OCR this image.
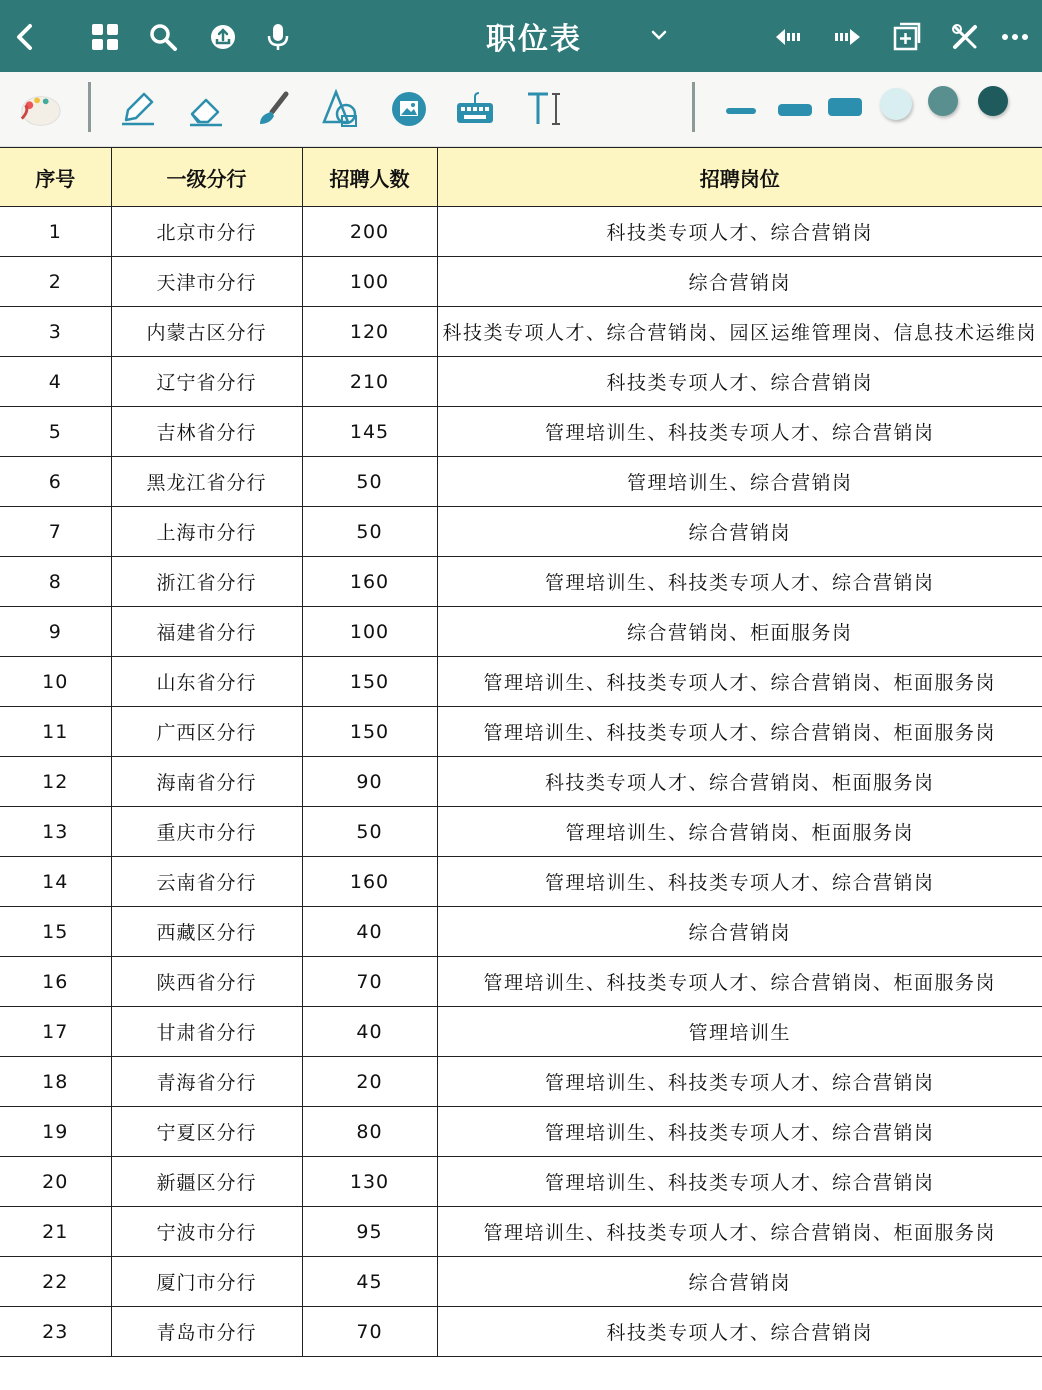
职位表
序号	一级分行	招聘人数	招聘岗位
1	北京市分行	200	科技类专项人才、综合营销岗
2	天津市分行	100	综合营销岗
3	内蒙古区分行	120	科技类专项人才、综合营销岗、园区运维管理岗、信息技术运维岗
4	辽宁省分行	210	科技类专项人才、综合营销岗
5	吉林省分行	145	管理培训生、科技类专项人才、综合营销岗
6	黑龙江省分行	50	管理培训生、综合营销岗
7	上海市分行	50	综合营销岗
8	浙江省分行	160	管理培训生、科技类专项人才、综合营销岗
9	福建省分行	100	综合营销岗、柜面服务岗
10	山东省分行	150	管理培训生、科技类专项人才、综合营销岗、柜面服务岗
11	广西区分行	150	管理培训生、科技类专项人才、综合营销岗、柜面服务岗
12	海南省分行	90	科技类专项人才、综合营销岗、柜面服务岗
13	重庆市分行	50	管理培训生、综合营销岗、柜面服务岗
14	云南省分行	160	管理培训生、科技类专项人才、综合营销岗
15	西藏区分行	40	综合营销岗
16	陕西省分行	70	管理培训生、科技类专项人才、综合营销岗、柜面服务岗
17	甘肃省分行	40	管理培训生
18	青海省分行	20	管理培训生、科技类专项人才、综合营销岗
19	宁夏区分行	80	管理培训生、科技类专项人才、综合营销岗
20	新疆区分行	130	管理培训生、科技类专项人才、综合营销岗
21	宁波市分行	95	管理培训生、科技类专项人才、综合营销岗、柜面服务岗
22	厦门市分行	45	综合营销岗
23	青岛市分行	70	科技类专项人才、综合营销岗
